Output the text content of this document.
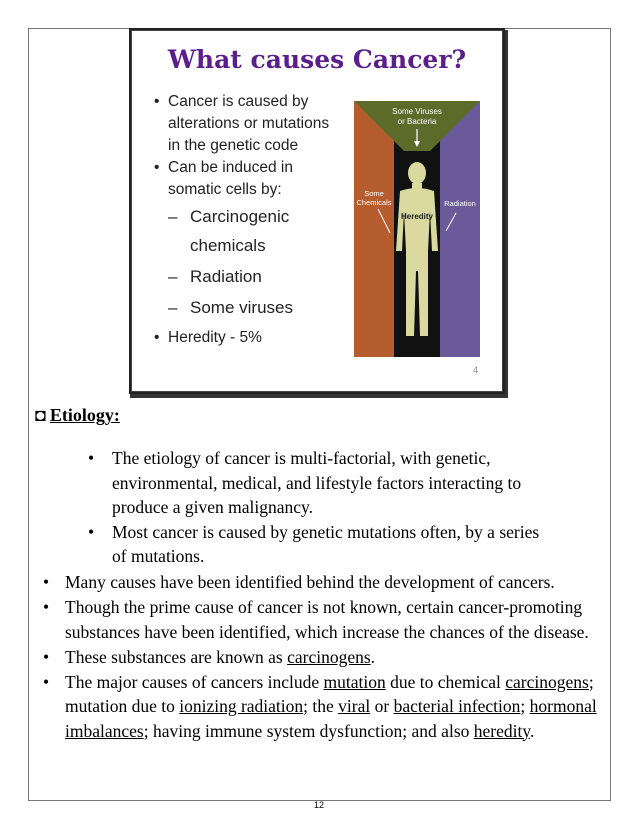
What causes Cancer?
• Cancer is caused by alterations or mutations in the genetic code
• Can be induced in somatic cells by:
– Carcinogenic
chemicals
– Radiation
– Some viruses
• Heredity - 5%
Some Viruses
or Bacteria
Some
Chemicals	Radiation
Heredity
4
◘ Etiology:
• The etiology of cancer is multi-factorial, with genetic, environmental, medical, and lifestyle factors interacting to produce a given malignancy.
• Most cancer is caused by genetic mutations often, by a series of mutations.
• Many causes have been identified behind the development of cancers.
• Though the prime cause of cancer is not known, certain cancer-promoting substances have been identified, which increase the chances of the disease.
• These substances are known as carcinogens.
• The major causes of cancers include mutation due to chemical carcinogens; mutation due to ionizing radiation; the viral or bacterial infection; hormonal imbalances; having immune system dysfunction; and also heredity.
12
